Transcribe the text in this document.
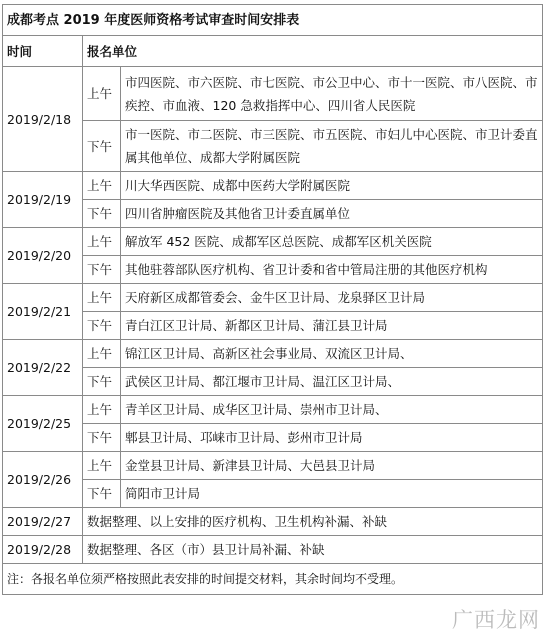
成都考点 2019 年度医师资格考试审查时间安排表		
时间	报名单位	
2019/2/18	上午	市四医院、市六医院、市七医院、市公卫中心、市十一医院、市八医院、市疾控、市血液、120 急救指挥中心、四川省人民医院
	下午	市一医院、市二医院、市三医院、市五医院、市妇儿中心医院、市卫计委直属其他单位、成都大学附属医院
2019/2/19	上午	川大华西医院、成都中医药大学附属医院
	下午	四川省肿瘤医院及其他省卫计委直属单位
2019/2/20	上午	解放军 452 医院、成都军区总医院、成都军区机关医院
	下午	其他驻蓉部队医疗机构、省卫计委和省中管局注册的其他医疗机构
2019/2/21	上午	天府新区成都管委会、金牛区卫计局、龙泉驿区卫计局
	下午	青白江区卫计局、新都区卫计局、蒲江县卫计局
2019/2/22	上午	锦江区卫计局、高新区社会事业局、双流区卫计局、
	下午	武侯区卫计局、都江堰市卫计局、温江区卫计局、
2019/2/25	上午	青羊区卫计局、成华区卫计局、崇州市卫计局、
	下午	郫县卫计局、邛崃市卫计局、彭州市卫计局
2019/2/26	上午	金堂县卫计局、新津县卫计局、大邑县卫计局
	下午	简阳市卫计局
2019/2/27	数据整理、以上安排的医疗机构、卫生机构补漏、补缺	
2019/2/28	数据整理、各区（市）县卫计局补漏、补缺	
注：各报名单位须严格按照此表安排的时间提交材料，其余时间均不受理。		
广西龙网
